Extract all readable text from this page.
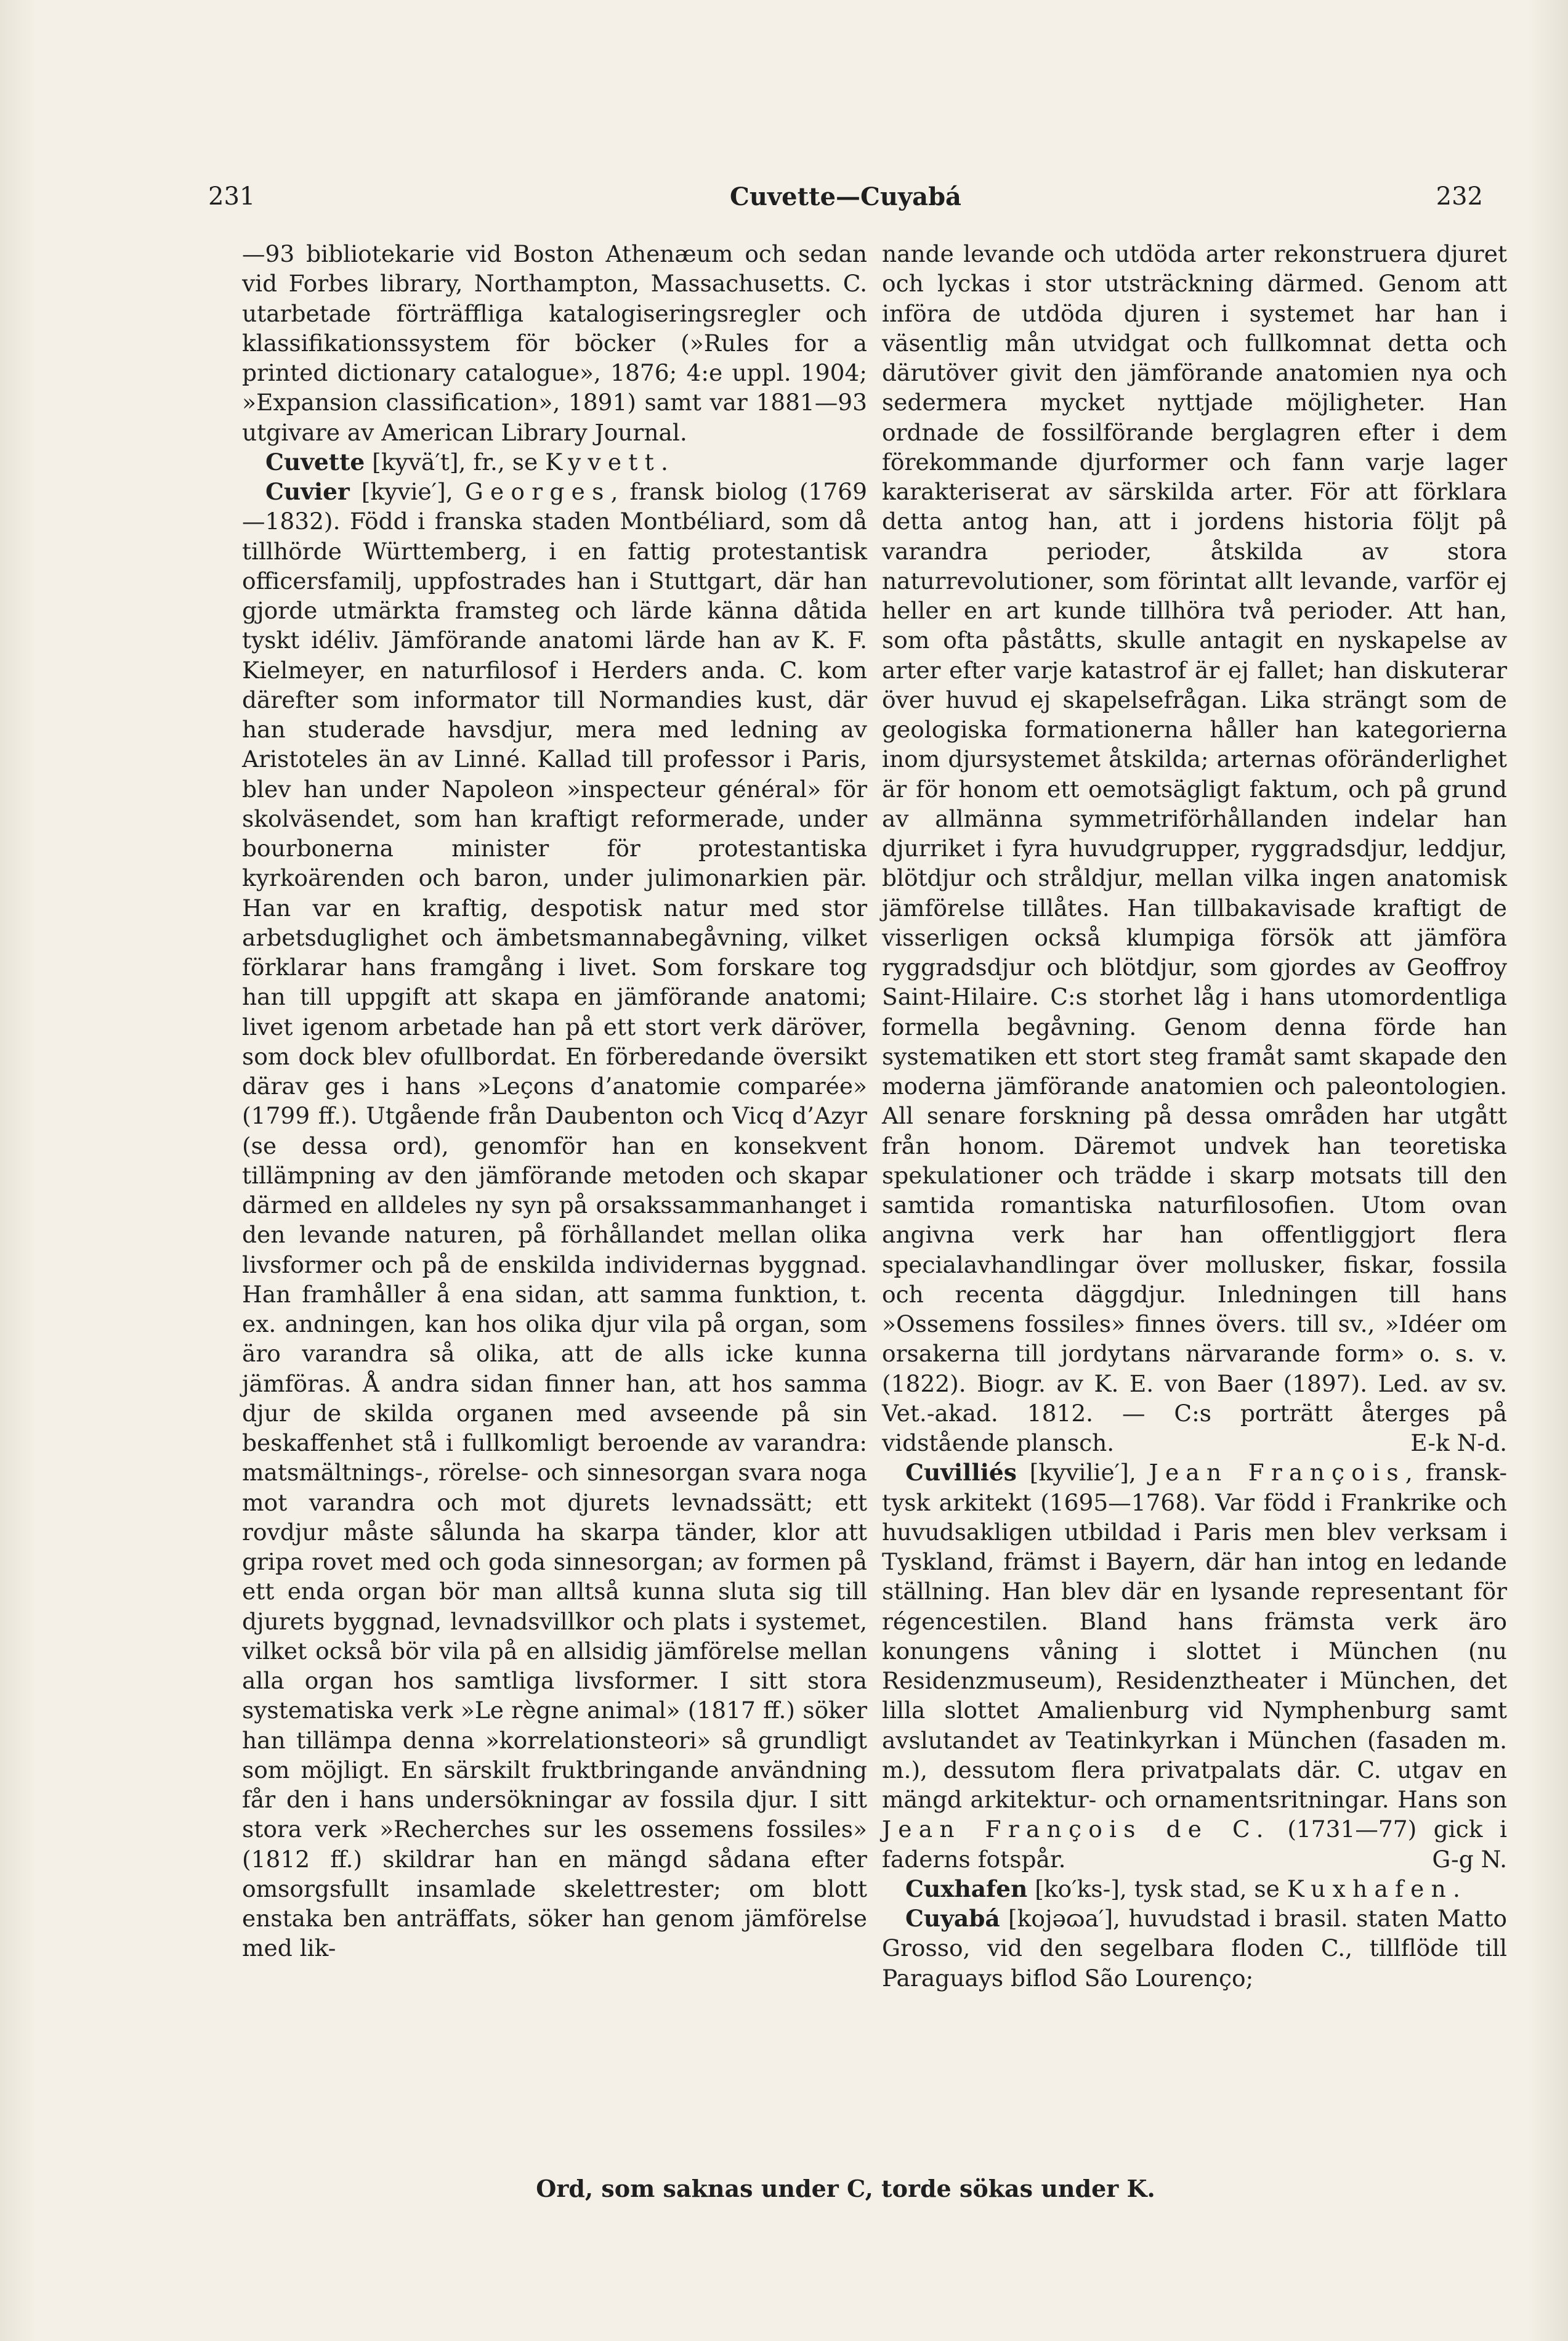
231	Cuvette—Cuyabá	232

—93 bibliotekarie vid Boston Athenæum och sedan vid Forbes library, Northampton, Massachusetts. C. utarbetade förträffliga katalogiseringsregler och klassifikationssystem för böcker (»Rules for a printed dictionary catalogue», 1876; 4:e uppl. 1904; »Expansion classification», 1891) samt var 1881—93 utgivare av American Library Journal.

Cuvette [kyvä′t], fr., se Kyvett.

Cuvier [kyvie′], Georges, fransk biolog (1769—1832). Född i franska staden Montbéliard, som då tillhörde Württemberg, i en fattig protestantisk officersfamilj, uppfostrades han i Stuttgart, där han gjorde utmärkta framsteg och lärde känna dåtida tyskt idéliv. Jämförande anatomi lärde han av K. F. Kielmeyer, en naturfilosof i Herders anda. C. kom därefter som informator till Normandies kust, där han studerade havsdjur, mera med ledning av Aristoteles än av Linné. Kallad till professor i Paris, blev han under Napoleon »inspecteur général» för skolväsendet, som han kraftigt reformerade, under bourbonerna minister för protestantiska kyrkoärenden och baron, under julimonarkien pär. Han var en kraftig, despotisk natur med stor arbetsduglighet och ämbetsmannabegåvning, vilket förklarar hans framgång i livet. Som forskare tog han till uppgift att skapa en jämförande anatomi; livet igenom arbetade han på ett stort verk däröver, som dock blev ofullbordat. En förberedande översikt därav ges i hans »Leçons d’anatomie comparée» (1799 ff.). Utgående från Daubenton och Vicq d’Azyr (se dessa ord), genomför han en konsekvent tillämpning av den jämförande metoden och skapar därmed en alldeles ny syn på orsakssammanhanget i den levande naturen, på förhållandet mellan olika livsformer och på de enskilda individernas byggnad. Han framhåller å ena sidan, att samma funktion, t. ex. andningen, kan hos olika djur vila på organ, som äro varandra så olika, att de alls icke kunna jämföras. Å andra sidan finner han, att hos samma djur de skilda organen med avseende på sin beskaffenhet stå i fullkomligt beroende av varandra: matsmältnings-, rörelse- och sinnesorgan svara noga mot varandra och mot djurets levnadssätt; ett rovdjur måste sålunda ha skarpa tänder, klor att gripa rovet med och goda sinnesorgan; av formen på ett enda organ bör man alltså kunna sluta sig till djurets byggnad, levnadsvillkor och plats i systemet, vilket också bör vila på en allsidig jämförelse mellan alla organ hos samtliga livsformer. I sitt stora systematiska verk »Le règne animal» (1817 ff.) söker han tillämpa denna »korrelationsteori» så grundligt som möjligt. En särskilt fruktbringande användning får den i hans undersökningar av fossila djur. I sitt stora verk »Recherches sur les ossemens fossiles» (1812 ff.) skildrar han en mängd sådana efter omsorgsfullt insamlade skelettrester; om blott enstaka ben anträffats, söker han genom jämförelse med lik-

nande levande och utdöda arter rekonstruera djuret och lyckas i stor utsträckning därmed. Genom att införa de utdöda djuren i systemet har han i väsentlig mån utvidgat och fullkomnat detta och därutöver givit den jämförande anatomien nya och sedermera mycket nyttjade möjligheter. Han ordnade de fossilförande berglagren efter i dem förekommande djurformer och fann varje lager karakteriserat av särskilda arter. För att förklara detta antog han, att i jordens historia följt på varandra perioder, åtskilda av stora naturrevolutioner, som förintat allt levande, varför ej heller en art kunde tillhöra två perioder. Att han, som ofta påståtts, skulle antagit en nyskapelse av arter efter varje katastrof är ej fallet; han diskuterar över huvud ej skapelsefrågan. Lika strängt som de geologiska formationerna håller han kategorierna inom djursystemet åtskilda; arternas oföränderlighet är för honom ett oemotsägligt faktum, och på grund av allmänna symmetriförhållanden indelar han djurriket i fyra huvudgrupper, ryggradsdjur, leddjur, blötdjur och stråldjur, mellan vilka ingen anatomisk jämförelse tillåtes. Han tillbakavisade kraftigt de visserligen också klumpiga försök att jämföra ryggradsdjur och blötdjur, som gjordes av Geoffroy Saint-Hilaire. C:s storhet låg i hans utomordentliga formella begåvning. Genom denna förde han systematiken ett stort steg framåt samt skapade den moderna jämförande anatomien och paleontologien. All senare forskning på dessa områden har utgått från honom. Däremot undvek han teoretiska spekulationer och trädde i skarp motsats till den samtida romantiska naturfilosofien. Utom ovan angivna verk har han offentliggjort flera specialavhandlingar över mollusker, fiskar, fossila och recenta däggdjur. Inledningen till hans »Ossemens fossiles» finnes övers. till sv., »Idéer om orsakerna till jordytans närvarande form» o. s. v. (1822). Biogr. av K. E. von Baer (1897). Led. av sv. Vet.-akad. 1812. — C:s porträtt återges på vidstående plansch.	E-k N-d.

Cuvilliés [kyvilie′], Jean François, fransk-tysk arkitekt (1695—1768). Var född i Frankrike och huvudsakligen utbildad i Paris men blev verksam i Tyskland, främst i Bayern, där han intog en ledande ställning. Han blev där en lysande representant för régencestilen. Bland hans främsta verk äro konungens våning i slottet i München (nu Residenzmuseum), Residenztheater i München, det lilla slottet Amalienburg vid Nymphenburg samt avslutandet av Teatinkyrkan i München (fasaden m. m.), dessutom flera privatpalats där. C. utgav en mängd arkitektur- och ornamentsritningar. Hans son Jean François de C. (1731—77) gick i faderns fotspår.	G-g N.

Cuxhafen [ko′ks-], tysk stad, se Kuxhafen.

Cuyabá [kojəɷa′], huvudstad i brasil. staten Matto Grosso, vid den segelbara floden C., tillflöde till Paraguays biflod São Lourenço;

Ord, som saknas under C, torde sökas under K.
